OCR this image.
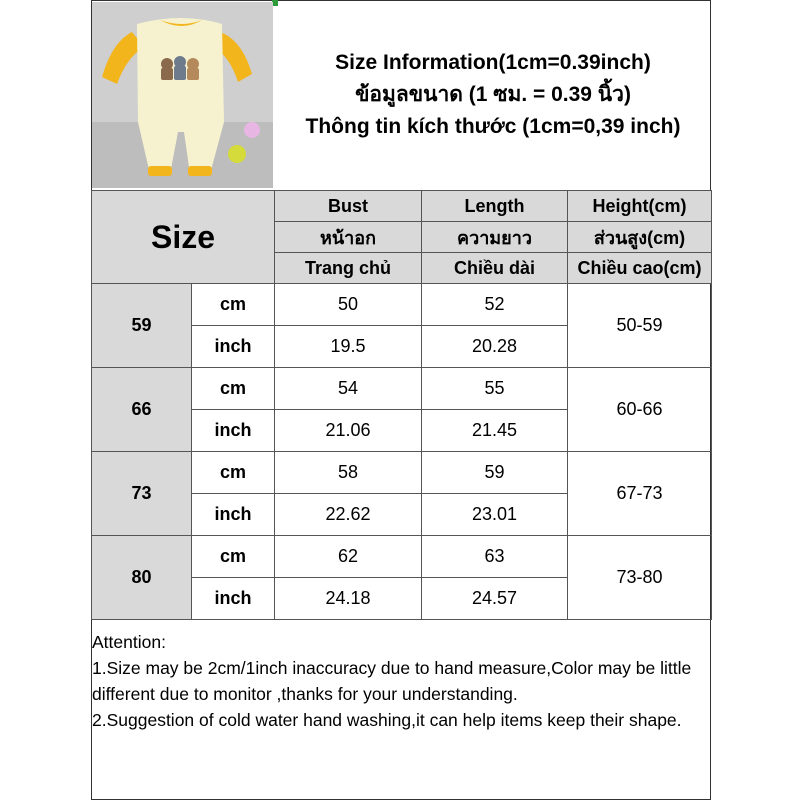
Size Information(1cm=0.39inch)
ข้อมูลขนาด (1 ซม. = 0.39 นิ้ว)
Thông tin kích thước (1cm=0,39 inch)
Size		Bust	Length	Height(cm)
		หน้าอก	ความยาว	ส่วนสูง(cm)
		Trang chủ	Chiều dài	Chiều cao(cm)
59	cm	50	52	50-59
	inch	19.5	20.28	
66	cm	54	55	60-66
	inch	21.06	21.45	
73	cm	58	59	67-73
	inch	22.62	23.01	
80	cm	62	63	73-80
	inch	24.18	24.57	

Attention:

1.Size may be 2cm/1inch inaccuracy due to hand measure,Color may be little different due to monitor ,thanks for your understanding.

2.Suggestion of cold water hand washing,it can help items keep their shape.
